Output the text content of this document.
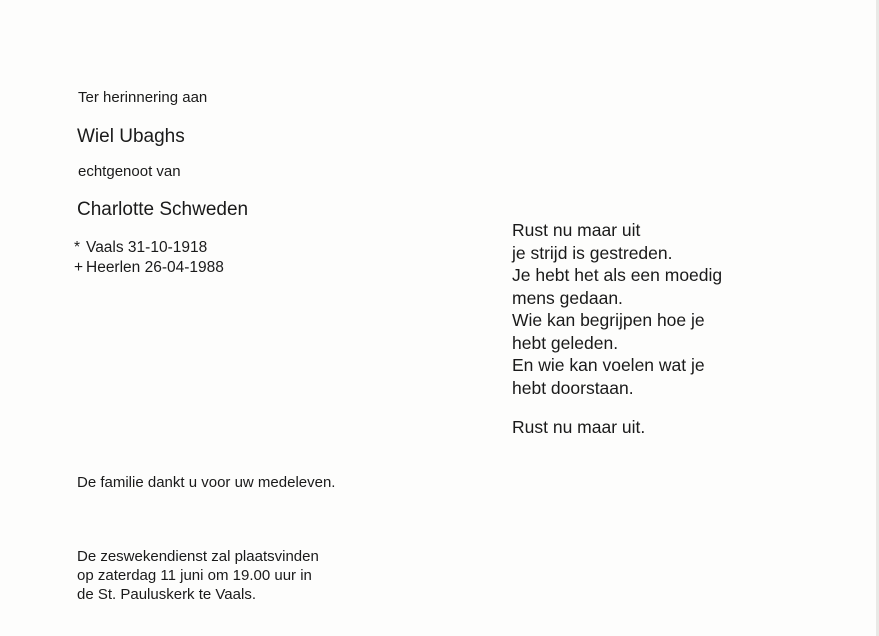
Ter herinnering aan
Wiel Ubaghs
echtgenoot van
Charlotte Schweden
* Vaals 31-10-1918
+ Heerlen 26-04-1988
Rust nu maar uit
je strijd is gestreden.
Je hebt het als een moedig
mens gedaan.
Wie kan begrijpen hoe je
hebt geleden.
En wie kan voelen wat je
hebt doorstaan.
Rust nu maar uit.
De familie dankt u voor uw medeleven.
De zeswekendienst zal plaatsvinden
op zaterdag 11 juni om 19.00 uur in
de St. Pauluskerk te Vaals.
